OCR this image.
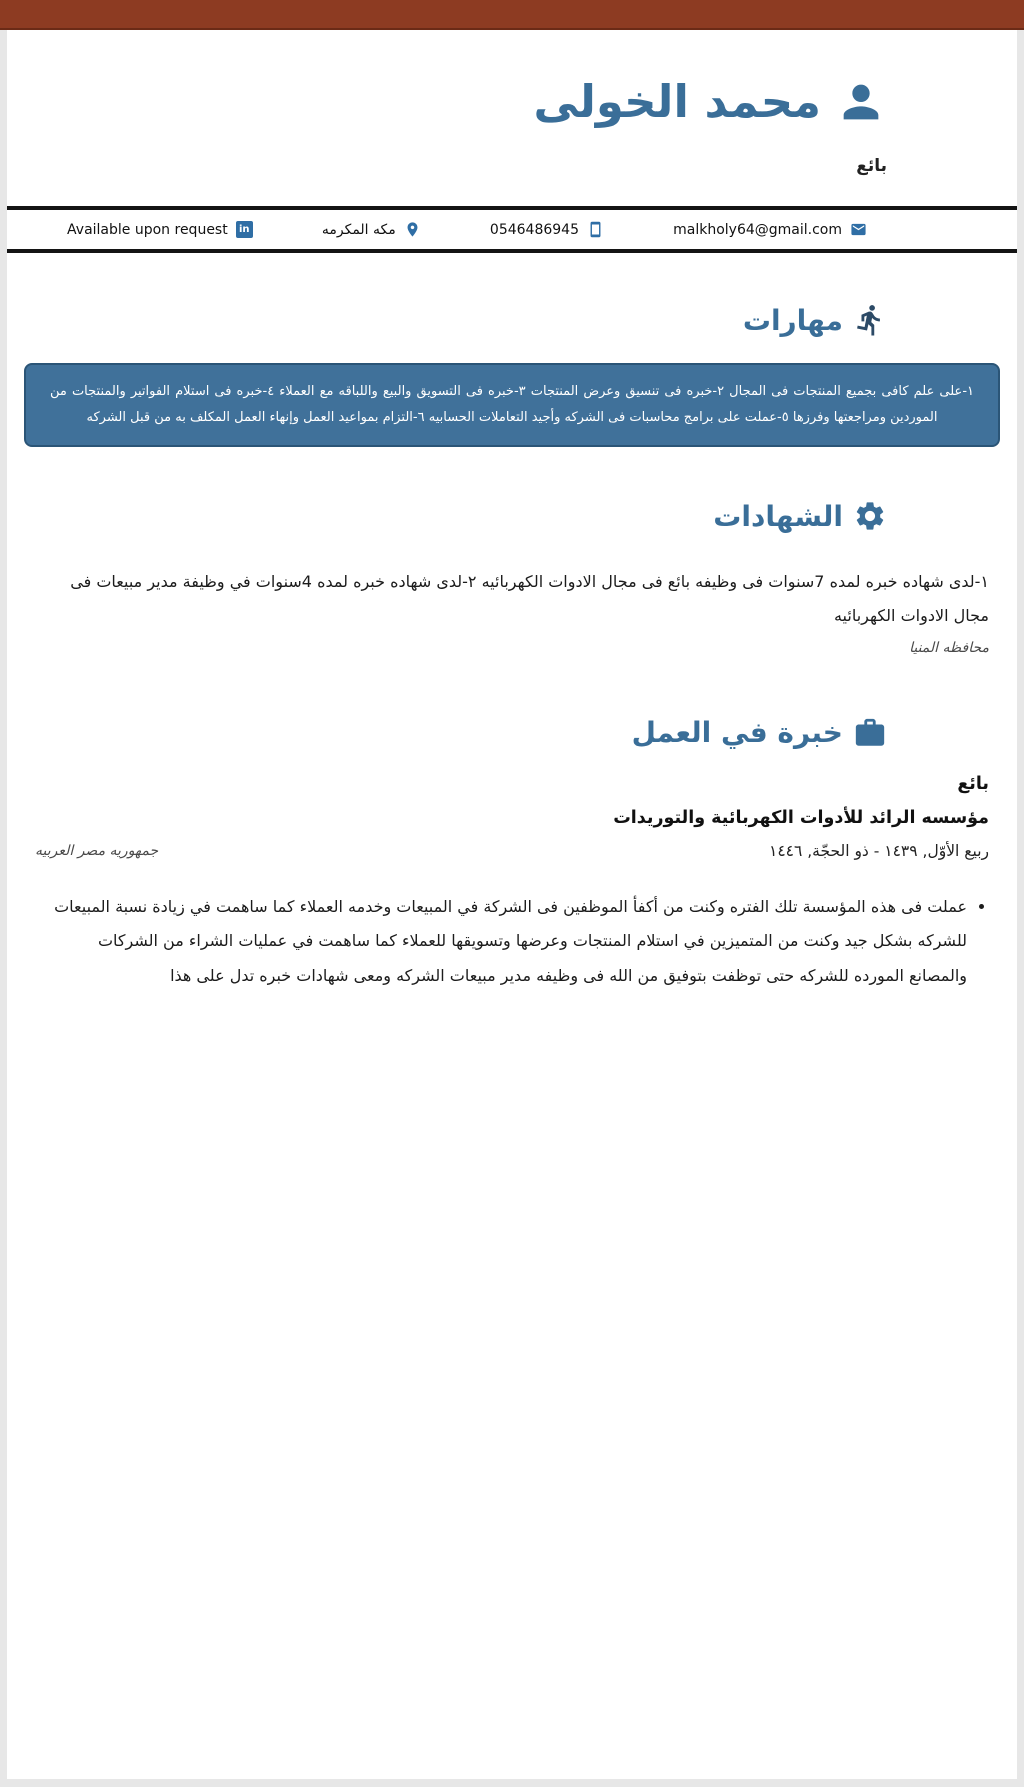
محمد الخولى
بائع
malkholy64@gmail.com
0546486945
مكه المكرمه
in
Available upon request
مهارات
١-على علم كافى بجميع المنتجات فى المجال ٢-خبره فى تنسيق وعرض المنتجات ٣-خبره فى التسويق والبيع واللباقه مع العملاء ٤-خبره فى استلام الفواتير والمنتجات من الموردين ومراجعتها وفرزها ٥-عملت على برامج محاسبات فى الشركه وأجيد التعاملات الحسابيه ٦-التزام بمواعيد العمل وإنهاء العمل المكلف به من قبل الشركه
الشهادات

١-لدى شهاده خبره لمده 7سنوات فى وظيفه بائع فى مجال الادوات الكهربائيه ٢-لدى شهاده خبره لمده 4سنوات في وظيفة مدير مبيعات فى مجال الادوات الكهربائيه

محافظه المنيا

خبرة في العمل
بائع
مؤسسه الرائد للأدوات الكهربائية والتوريدات
ربيع الأوّل, ١٤٣٩ - ذو الحجّة, ١٤٤٦
جمهوريه مصر العربيه
• عملت فى هذه المؤسسة تلك الفتره وكنت من أكفأ الموظفين فى الشركة في المبيعات وخدمه العملاء كما ساهمت في زيادة نسبة المبيعات للشركه بشكل جيد وكنت من المتميزين في استلام المنتجات وعرضها وتسويقها للعملاء كما ساهمت في عمليات الشراء من الشركات والمصانع المورده للشركه حتى توظفت بتوفيق من الله فى وظيفه مدير مبيعات الشركه ومعى شهادات خبره تدل على هذا
